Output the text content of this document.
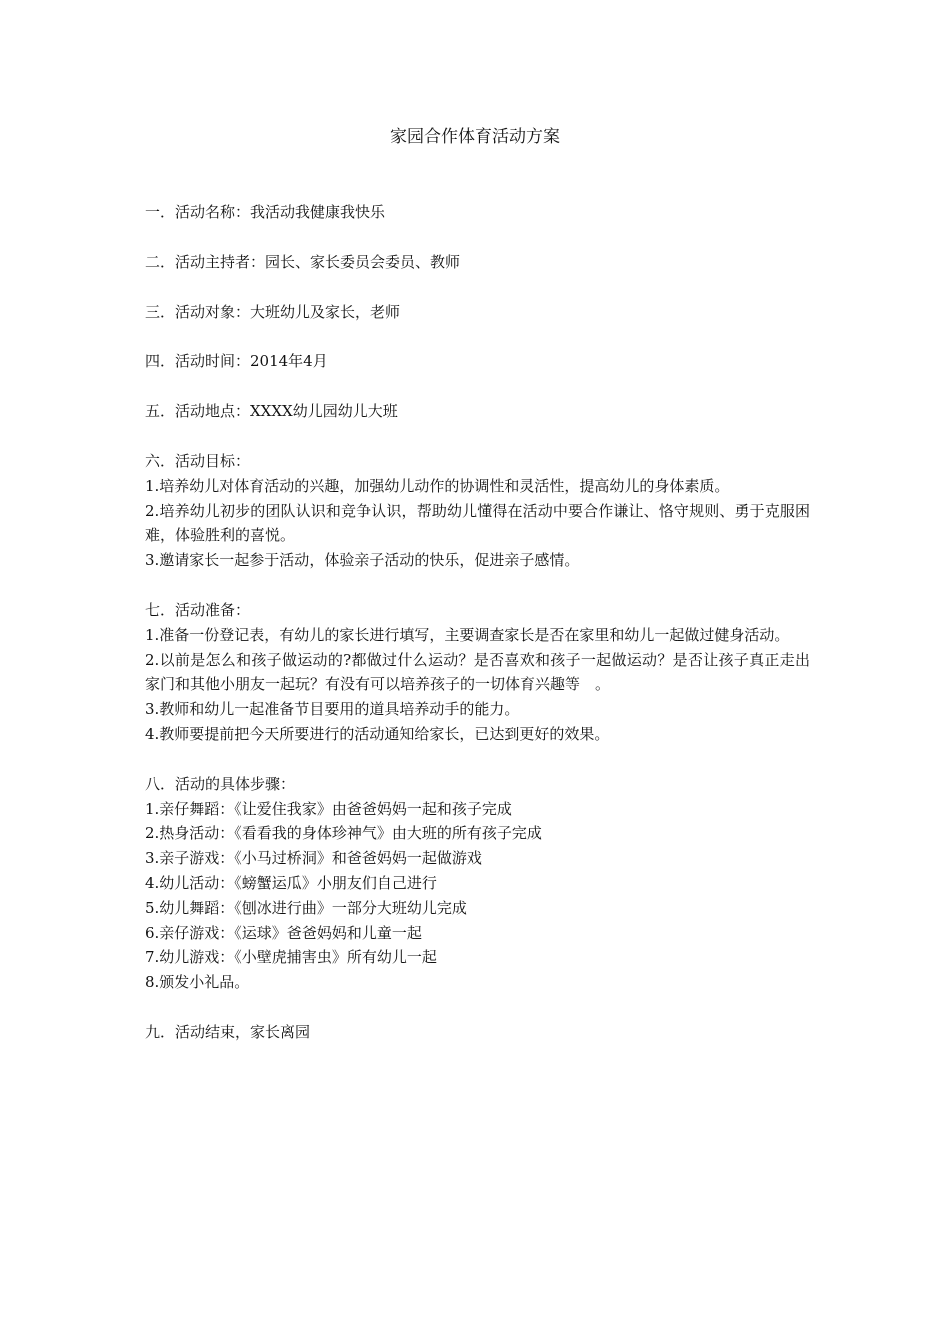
家园合作体育活动方案

一．活动名称：我活动我健康我快乐

二．活动主持者：园长、家长委员会委员、教师

三．活动对象：大班幼儿及家长，老师

四．活动时间：2014年4月

五．活动地点：XXXX幼儿园幼儿大班

六．活动目标：

1.培养幼儿对体育活动的兴趣，加强幼儿动作的协调性和灵活性，提高幼儿的身体素质。

2.培养幼儿初步的团队认识和竞争认识，帮助幼儿懂得在活动中要合作谦让、恪守规则、勇于克服困难，体验胜利的喜悦。

3.邀请家长一起参于活动，体验亲子活动的快乐，促进亲子感情。

七．活动准备：

1.准备一份登记表，有幼儿的家长进行填写，主要调查家长是否在家里和幼儿一起做过健身活动。

2.以前是怎么和孩子做运动的?都做过什么运动？是否喜欢和孩子一起做运动？是否让孩子真正走出家门和其他小朋友一起玩？有没有可以培养孩子的一切体育兴趣等　。

3.教师和幼儿一起准备节目要用的道具培养动手的能力。

4.教师要提前把今天所要进行的活动通知给家长，已达到更好的效果。

八．活动的具体步骤：

1.亲仔舞蹈：《让爱住我家》由爸爸妈妈一起和孩子完成

2.热身活动：《看看我的身体珍神气》由大班的所有孩子完成

3.亲子游戏：《小马过桥洞》和爸爸妈妈一起做游戏

4.幼儿活动：《螃蟹运瓜》小朋友们自己进行

5.幼儿舞蹈：《刨冰进行曲》一部分大班幼儿完成

6.亲仔游戏：《运球》爸爸妈妈和儿童一起

7.幼儿游戏：《小壁虎捕害虫》所有幼儿一起

8.颁发小礼品。

九．活动结束，家长离园
